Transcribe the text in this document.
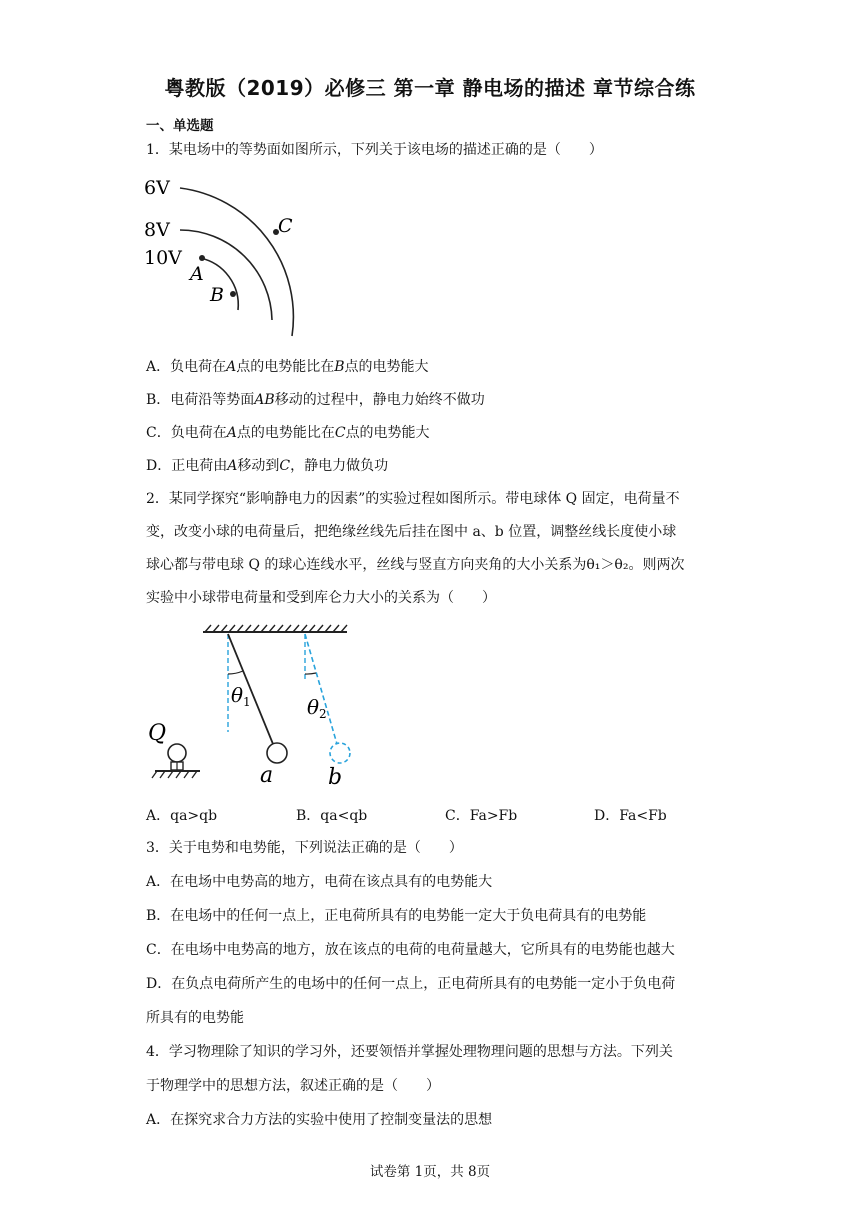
粤教版（2019）必修三 第一章 静电场的描述 章节综合练
一、单选题
1．某电场中的等势面如图所示，下列关于该电场的描述正确的是（　　）
6V
8V
10V
A
B
C
A．负电荷在A点的电势能比在B点的电势能大
B．电荷沿等势面AB移动的过程中，静电力始终不做功
C．负电荷在A点的电势能比在C点的电势能大
D．正电荷由A移动到C，静电力做负功
2．某同学探究“影响静电力的因素”的实验过程如图所示。带电球体 Q 固定，电荷量不
变，改变小球的电荷量后，把绝缘丝线先后挂在图中 a、b 位置，调整丝线长度使小球
球心都与带电球 Q 的球心连线水平，丝线与竖直方向夹角的大小关系为θ₁＞θ₂。则两次
实验中小球带电荷量和受到库仑力大小的关系为（　　）
θ 1	θ 2
Q
a b
A．qa>qb	B．qa<qb	C．Fa>Fb	D．Fa<Fb
3．关于电势和电势能，下列说法正确的是（　　）
A．在电场中电势高的地方，电荷在该点具有的电势能大
B．在电场中的任何一点上，正电荷所具有的电势能一定大于负电荷具有的电势能
C．在电场中电势高的地方，放在该点的电荷的电荷量越大，它所具有的电势能也越大
D．在负点电荷所产生的电场中的任何一点上，正电荷所具有的电势能一定小于负电荷
所具有的电势能
4．学习物理除了知识的学习外，还要领悟并掌握处理物理问题的思想与方法。下列关
于物理学中的思想方法，叙述正确的是（　　）
A．在探究求合力方法的实验中使用了控制变量法的思想
试卷第 1页，共 8页
